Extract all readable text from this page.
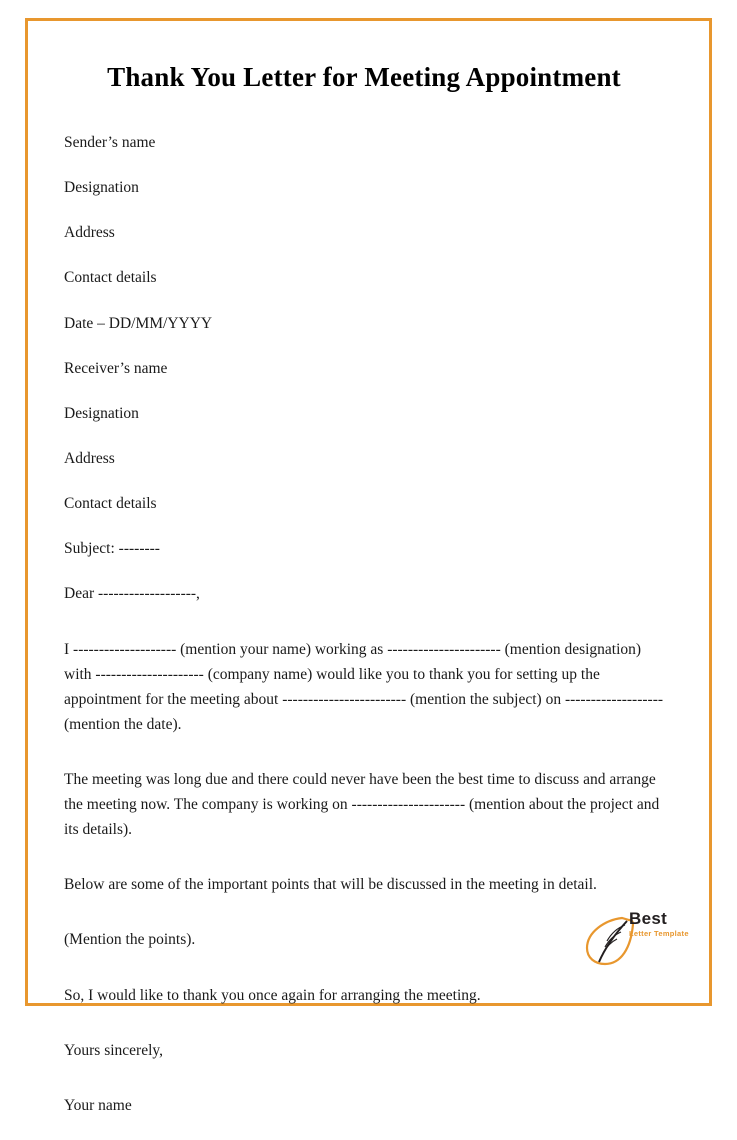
Thank You Letter for Meeting Appointment

Sender’s name

Designation

Address

Contact details

Date – DD/MM/YYYY

Receiver’s name

Designation

Address

Contact details

Subject: --------

Dear -------------------,

I -------------------- (mention your name) working as ---------------------- (mention designation) with --------------------- (company name) would like you to thank you for setting up the appointment for the meeting about ------------------------ (mention the subject) on ------------------- (mention the date).

The meeting was long due and there could never have been the best time to discuss and arrange the meeting now. The company is working on ---------------------- (mention about the project and its details).

Below are some of the important points that will be discussed in the meeting in detail.

(Mention the points).

So, I would like to thank you once again for arranging the meeting.

Yours sincerely,

Your name

Best
Letter Template
